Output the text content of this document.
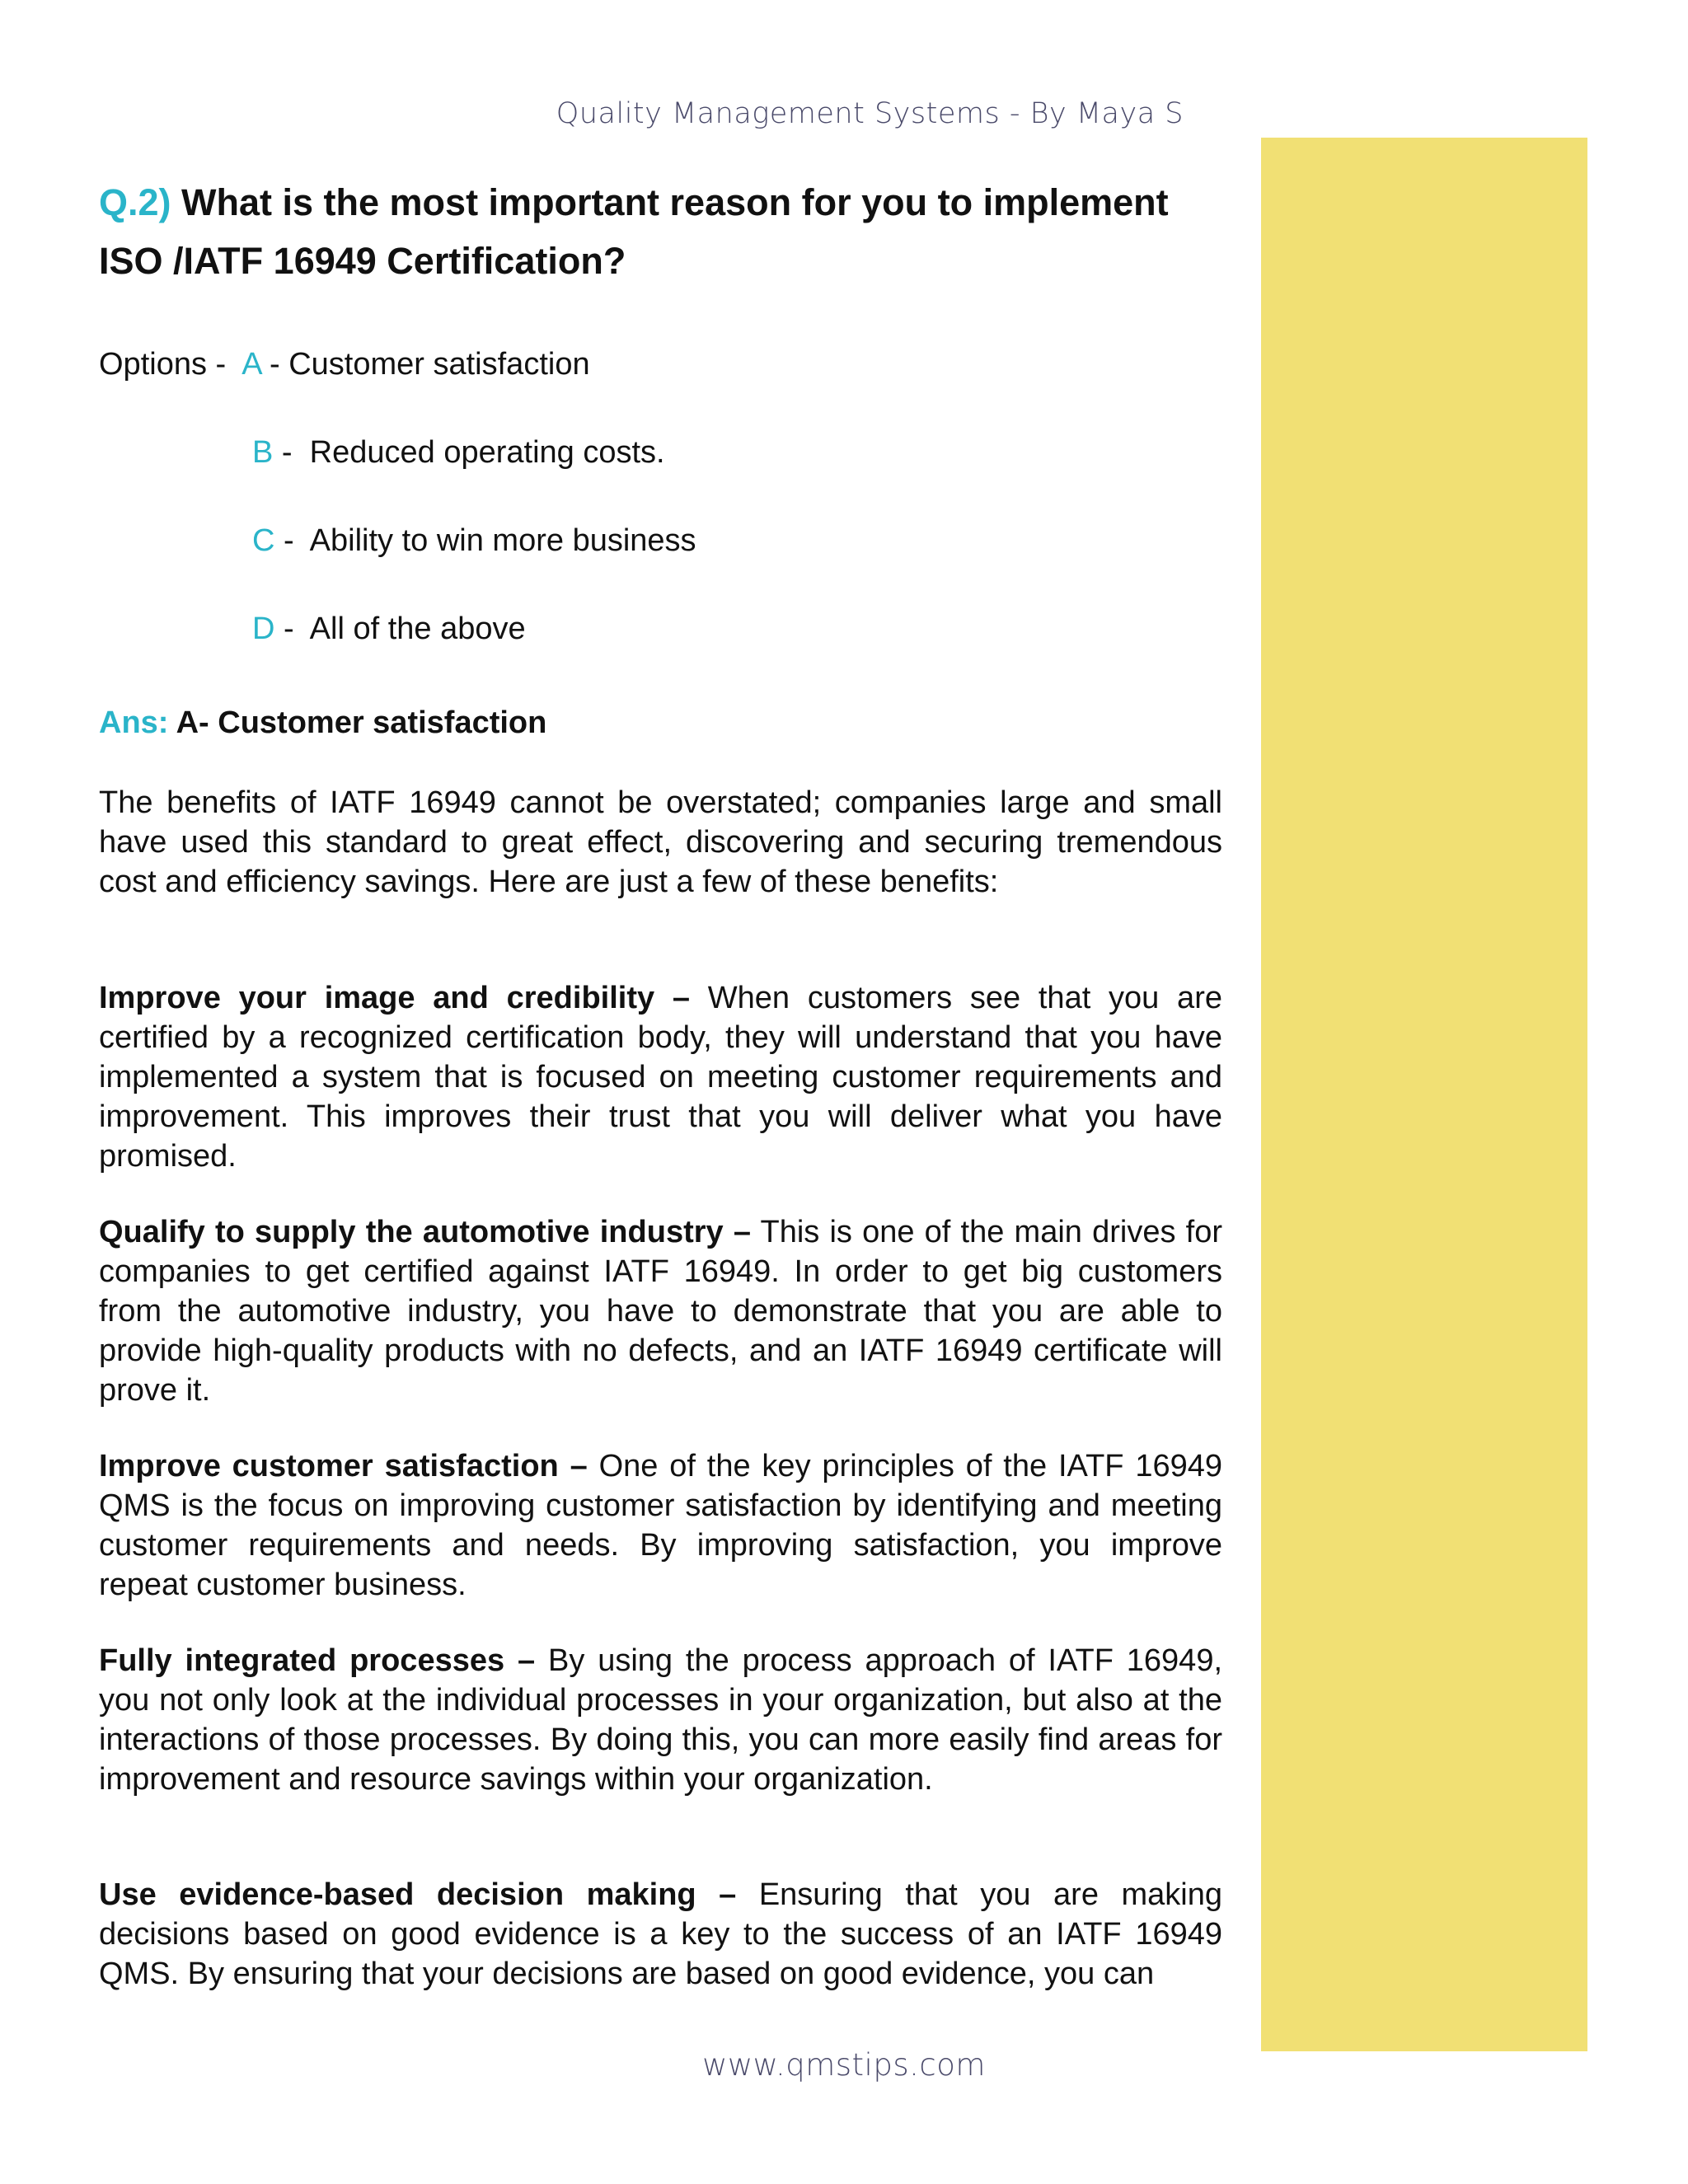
Quality Management Systems - By Maya S
Q.2) What is the most important reason for you to implement ISO /IATF 16949 Certification?
Options -  A - Customer satisfaction
B -  Reduced operating costs.
C -  Ability to win more business
D -  All of the above
Ans: A- Customer satisfaction
The benefits of IATF 16949 cannot be overstated; companies large and small have used this standard to great effect, discovering and securing tremendous cost and efficiency savings. Here are just a few of these benefits:
Improve your image and credibility – When customers see that you are certified by a recognized certification body, they will understand that you have implemented a system that is focused on meeting customer requirements and improvement. This improves their trust that you will deliver what you have promised.
Qualify to supply the automotive industry – This is one of the main drives for companies to get certified against IATF 16949. In order to get big customers from the automotive industry, you have to demonstrate that you are able to provide high-quality products with no defects, and an IATF 16949 certificate will prove it.
Improve customer satisfaction – One of the key principles of the IATF 16949 QMS is the focus on improving customer satisfaction by identifying and meeting customer requirements and needs. By improving satisfaction, you improve repeat customer business.
Fully integrated processes – By using the process approach of IATF 16949, you not only look at the individual processes in your organization, but also at the interactions of those processes. By doing this, you can more easily find areas for improvement and resource savings within your organization.
Use evidence-based decision making – Ensuring that you are making decisions based on good evidence is a key to the success of an IATF 16949 QMS. By ensuring that your decisions are based on good evidence, you can
www.qmstips.com
